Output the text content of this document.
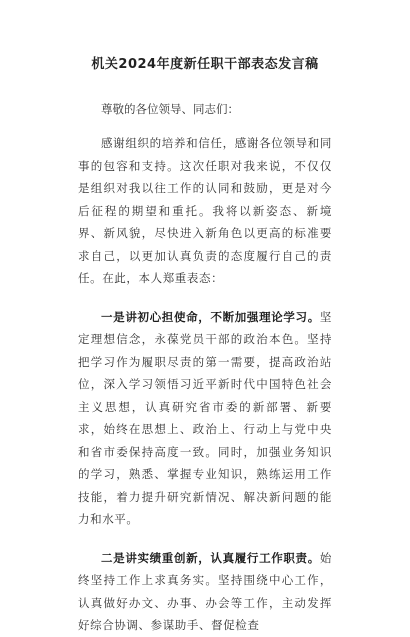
机关2024年度新任职干部表态发言稿
尊敬的各位领导、同志们：

感谢组织的培养和信任，感谢各位领导和同事的包容和支持。这次任职对我来说，不仅仅是组织对我以往工作的认同和鼓励，更是对今后征程的期望和重托。我将以新姿态、新境界、新风貌，尽快进入新角色以更高的标准要求自己，以更加认真负责的态度履行自己的责任。在此，本人郑重表态：

一是讲初心担使命，不断加强理论学习。坚定理想信念，永葆党员干部的政治本色。坚持把学习作为履职尽责的第一需要，提高政治站位，深入学习领悟习近平新时代中国特色社会主义思想，认真研究省市委的新部署、新要求，始终在思想上、政治上、行动上与党中央和省市委保持高度一致。同时，加强业务知识的学习，熟悉、掌握专业知识，熟练运用工作技能，着力提升研究新情况、解决新问题的能力和水平。

二是讲实绩重创新，认真履行工作职责。始终坚持工作上求真务实。坚持围绕中心工作，认真做好办文、办事、办会等工作，主动发挥好综合协调、参谋助手、督促检查
